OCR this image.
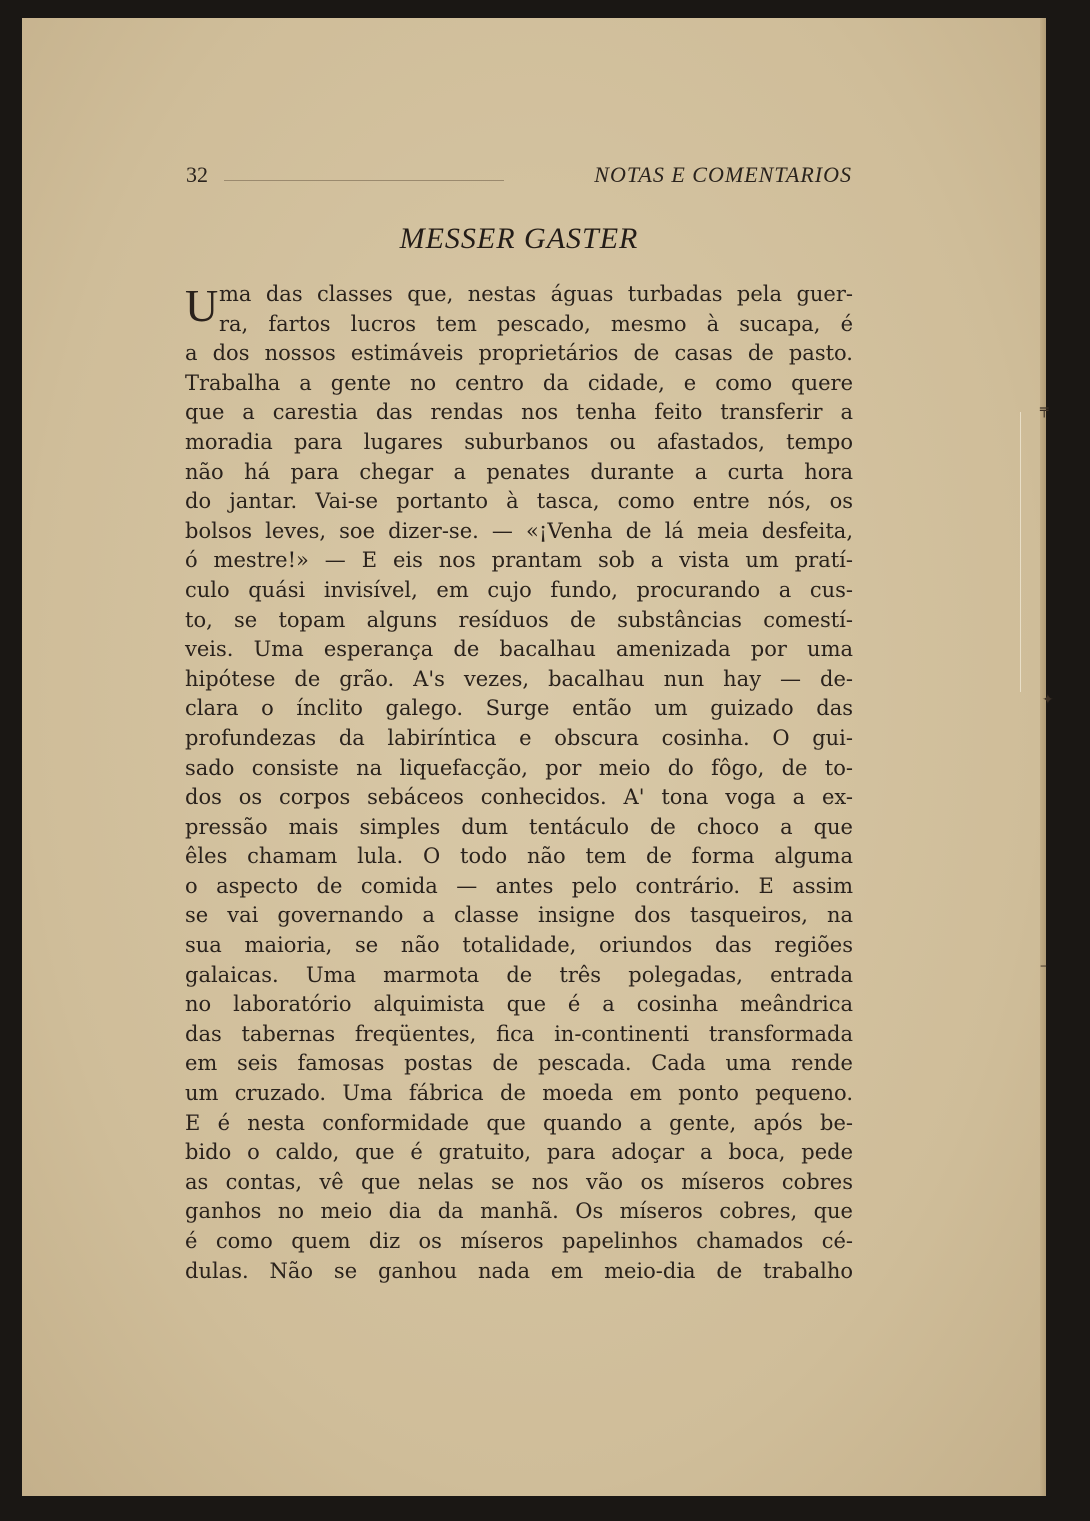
32	NOTAS E COMENTARIOS
MESSER GASTER
U ma das classes que, nestas águas turbadas pela guer-
ra, fartos lucros tem pescado, mesmo à sucapa, é
a dos nossos estimáveis proprietários de casas de pasto.
Trabalha a gente no centro da cidade, e como quere
que a carestia das rendas nos tenha feito transferir a
moradia para lugares suburbanos ou afastados, tempo
não há para chegar a penates durante a curta hora
do jantar. Vai-se portanto à tasca, como entre nós, os
bolsos leves, soe dizer-se. — «¡Venha de lá meia desfeita,
ó mestre!» — E eis nos prantam sob a vista um pratí-
culo quási invisível, em cujo fundo, procurando a cus-
to, se topam alguns resíduos de substâncias comestí-
veis. Uma esperança de bacalhau amenizada por uma
hipótese de grão. A's vezes, bacalhau nun hay — de-
clara o ínclito galego. Surge então um guizado das
profundezas da labiríntica e obscura cosinha. O gui-
sado consiste na liquefacção, por meio do fôgo, de to-
dos os corpos sebáceos conhecidos. A' tona voga a ex-
pressão mais simples dum tentáculo de choco a que
êles chamam lula. O todo não tem de forma alguma
o aspecto de comida — antes pelo contrário. E assim
se vai governando a classe insigne dos tasqueiros, na
sua maioria, se não totalidade, oriundos das regiões
galaicas. Uma marmota de três polegadas, entrada
no laboratório alquimista que é a cosinha meândrica
das tabernas freqüentes, fica in-continenti transformada
em seis famosas postas de pescada. Cada uma rende
um cruzado. Uma fábrica de moeda em ponto pequeno.
E é nesta conformidade que quando a gente, após be-
bido o caldo, que é gratuito, para adoçar a boca, pede
as contas, vê que nelas se nos vão os míseros cobres
ganhos no meio dia da manhã. Os míseros cobres, que
é como quem diz os míseros papelinhos chamados cé-
dulas. Não se ganhou nada em meio-dia de trabalho
╤
✦
–
